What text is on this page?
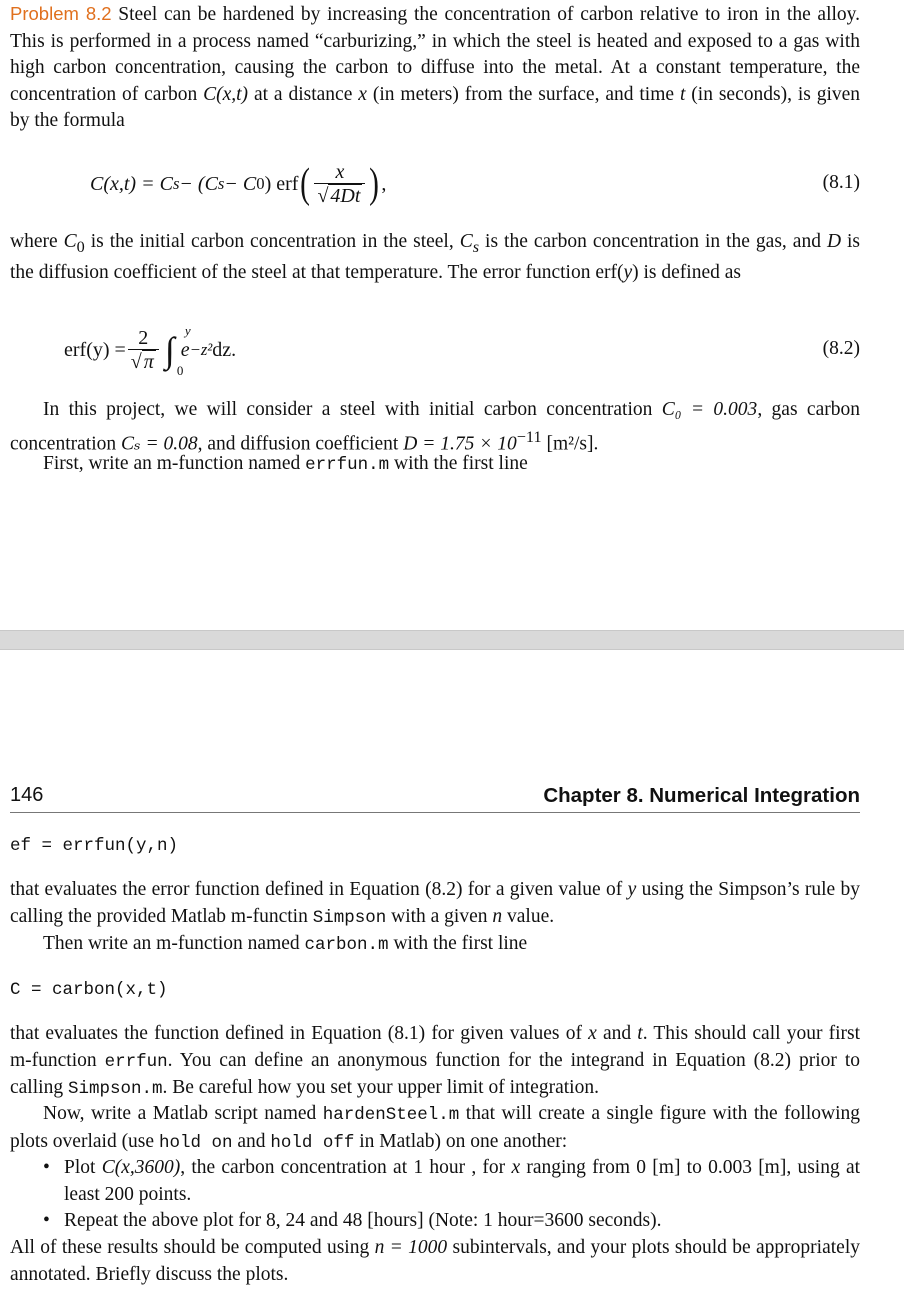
Problem 8.2 Steel can be hardened by increasing the concentration of carbon relative to iron in the alloy. This is performed in a process named “carburizing,” in which the steel is heated and exposed to a gas with high carbon concentration, causing the carbon to diffuse into the metal. At a constant temperature, the concentration of carbon C(x,t) at a distance x (in meters) from the surface, and time t (in seconds), is given by the formula

C(x,t) = C s − (C s − C 0 ) erf ( $\frac{x}{√ 4Dt}$ ) ,	(8.1)

where $C_0$ is the initial carbon concentration in the steel, $C_s$ is the carbon concentration in the gas, and D is the diffusion coefficient of the steel at that temperature. The error function erf(y) is defined as

$erf(y) = \frac{2}{√ \pi}$ ∫ y
0
e −z² dz.	(8.2)

In this project, we will consider a steel with initial carbon concentration C₀ = 0.003, gas carbon concentration Cₛ = 0.08, and diffusion coefficient $D = 1.75 \times 10^{-11}$ [m²/s].

First, write an m-function named errfun.m with the first line

146	Chapter 8. Numerical Integration
ef = errfun(y,n)

that evaluates the error function defined in Equation (8.2) for a given value of y using the Simpson’s rule by calling the provided Matlab m-functin Simpson with a given n value.

Then write an m-function named carbon.m with the first line

C = carbon(x,t)

that evaluates the function defined in Equation (8.1) for given values of x and t. This should call your first m-function errfun. You can define an anonymous function for the integrand in Equation (8.2) prior to calling Simpson.m. Be careful how you set your upper limit of integration.

Now, write a Matlab script named hardenSteel.m that will create a single figure with the following plots overlaid (use hold on and hold off in Matlab) on one another:

• Plot C(x,3600), the carbon concentration at 1 hour , for x ranging from 0 [m] to 0.003 [m], using at least 200 points.
• Repeat the above plot for 8, 24 and 48 [hours] (Note: 1 hour=3600 seconds).

All of these results should be computed using n = 1000 subintervals, and your plots should be appropriately annotated. Briefly discuss the plots.
